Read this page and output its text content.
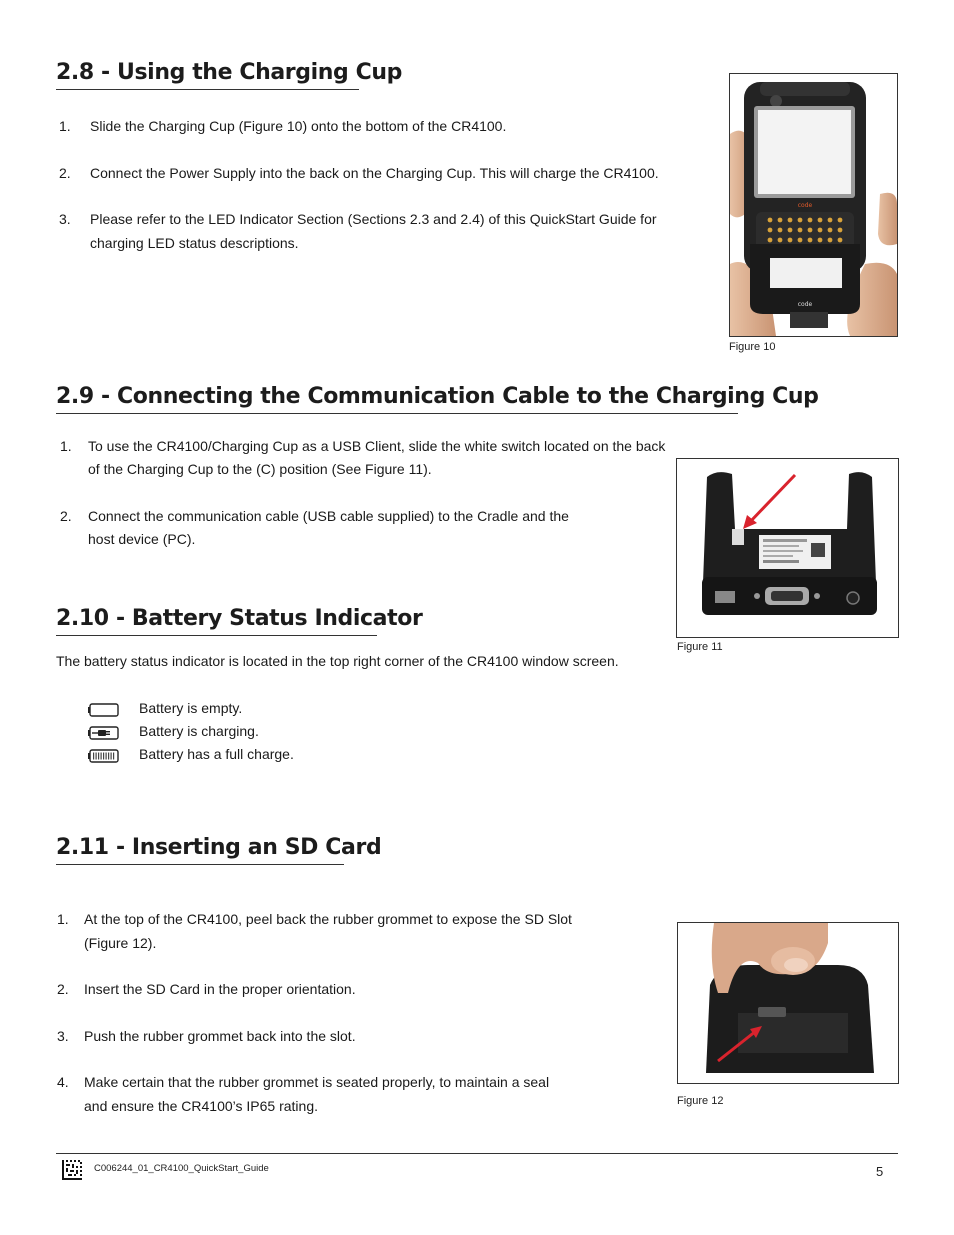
2.8 - Using the Charging Cup
1. Slide the Charging Cup (Figure 10) onto the bottom of the CR4100.
2. Connect the Power Supply into the back on the Charging Cup. This will charge the CR4100.
3. Please refer to the LED Indicator Section (Sections 2.3 and 2.4) of this QuickStart Guide for
charging LED status descriptions.
code
code
Figure 10
2.9 - Connecting the Communication Cable to the Charging Cup
1. To use the CR4100/Charging Cup as a USB Client, slide the white switch located on the back
of the Charging Cup to the (C) position (See Figure 11).
2. Connect the communication cable (USB cable supplied) to the Cradle and the
host device (PC).
Figure 11
2.10 - Battery Status Indicator
The battery status indicator is located in the top right corner of the CR4100 window screen.
Battery is empty.
Battery is charging.
Battery has a full charge.
2.11 - Inserting an SD Card
1. At the top of the CR4100, peel back the rubber grommet to expose the SD Slot
(Figure 12).
2. Insert the SD Card in the proper orientation.
3. Push the rubber grommet back into the slot.
4. Make certain that the rubber grommet is seated properly, to maintain a seal
and ensure the CR4100’s IP65 rating.	Figure 12
C006244_01_CR4100_QuickStart_Guide	5
